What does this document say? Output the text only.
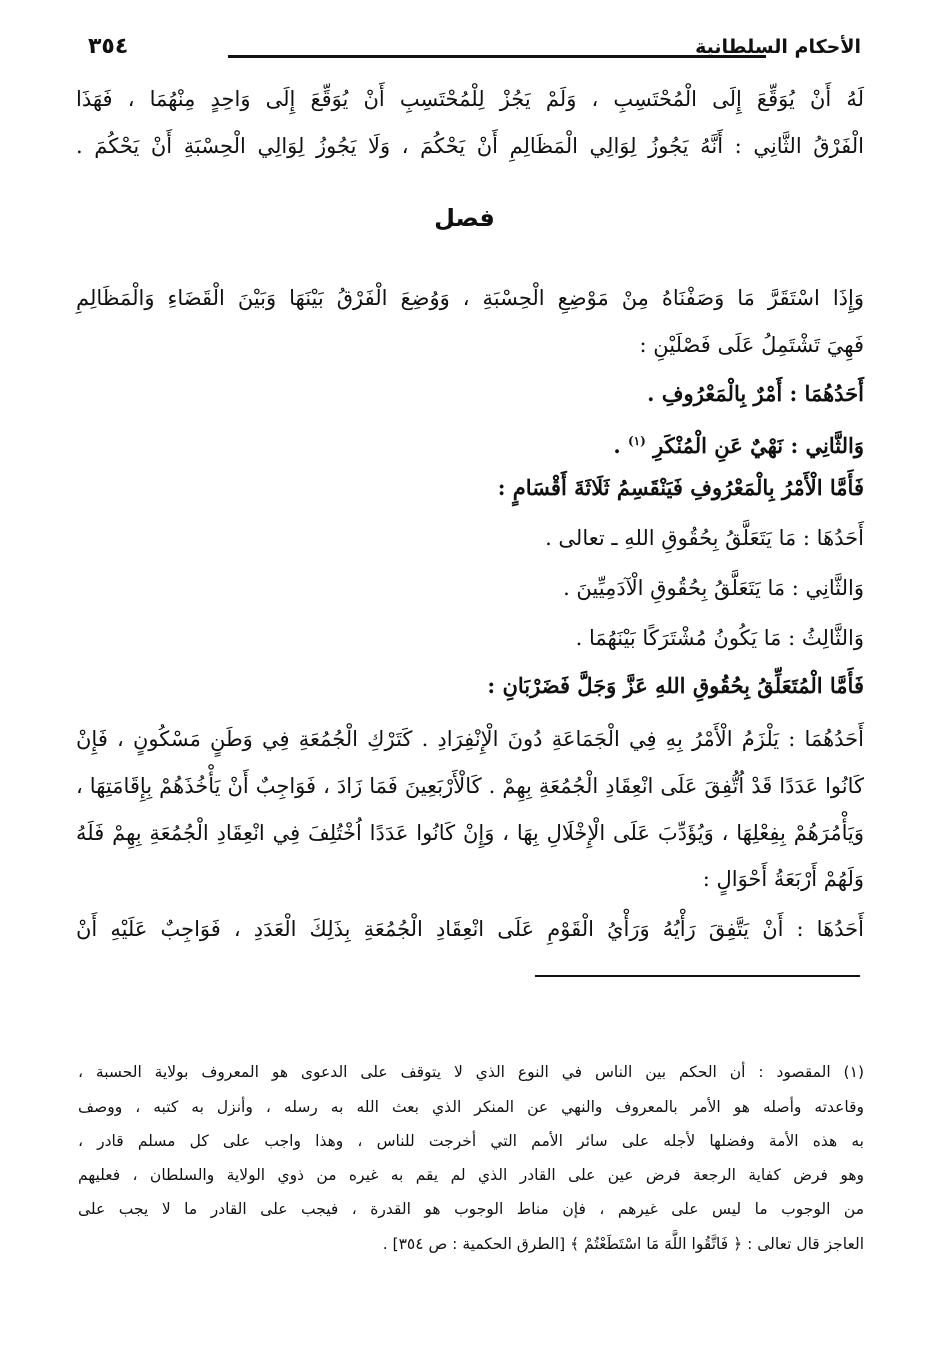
٣٥٤	الأحكام السلطانية
لَهُ أَنْ يُوَقِّعَ إِلَى الْمُحْتَسِبِ ، وَلَمْ يَجُزْ لِلْمُحْتَسِبِ أَنْ يُوَقِّعَ إِلَى وَاحِدٍ مِنْهُمَا ، فَهَذَا
الْفَرْقُ الثَّانِي : أَنَّهُ يَجُوزُ لِوَالِي الْمَظَالِمِ أَنْ يَحْكُمَ ، وَلَا يَجُوزُ لِوَالِي الْحِسْبَةِ أَنْ يَحْكُمَ .
فصل
وَإِذَا اسْتَقَرَّ مَا وَصَفْنَاهُ مِنْ مَوْضِعِ الْحِسْبَةِ ، وَوُضِعَ الْفَرْقُ بَيْنَهَا وَبَيْنَ الْقَضَاءِ وَالْمَظَالِمِ
فَهِيَ تَشْتَمِلُ عَلَى فَصْلَيْنِ :
أَحَدُهُمَا : أَمْرٌ بِالْمَعْرُوفِ .
وَالثَّانِي : نَهْيٌ عَنِ الْمُنْكَرِ $^{(١)}$ .
فَأَمَّا الْأَمْرُ بِالْمَعْرُوفِ فَيَنْقَسِمُ ثَلَاثَةَ أَقْسَامٍ :
أَحَدُهَا : مَا يَتَعَلَّقُ بِحُقُوقِ اللهِ ـ تعالى .
وَالثَّانِي : مَا يَتَعَلَّقُ بِحُقُوقِ الْآدَمِيِّينَ .
وَالثَّالِثُ : مَا يَكُونُ مُشْتَرَكًا بَيْنَهُمَا .
فَأَمَّا الْمُتَعَلِّقُ بِحُقُوقِ اللهِ عَزَّ وَجَلَّ فَضَرْبَانِ :
أَحَدُهُمَا : يَلْزَمُ الْأَمْرُ بِهِ فِي الْجَمَاعَةِ دُونَ الْإِنْفِرَادِ . كَتَرْكِ الْجُمُعَةِ فِي وَطَنٍ مَسْكُونٍ ، فَإِنْ
كَانُوا عَدَدًا قَدْ اُتُّفِقَ عَلَى انْعِقَادِ الْجُمُعَةِ بِهِمْ . كَالْأَرْبَعِينَ فَمَا زَادَ ، فَوَاجِبٌ أَنْ يَأْخُذَهُمْ بِإِقَامَتِهَا ،
وَيَأْمُرَهُمْ بِفِعْلِهَا ، وَيُؤَدِّبَ عَلَى الْإِخْلَالِ بِهَا ، وَإِنْ كَانُوا عَدَدًا اُخْتُلِفَ فِي انْعِقَادِ الْجُمُعَةِ بِهِمْ فَلَهُ
وَلَهُمْ أَرْبَعَةُ أَحْوَالٍ :
أَحَدُهَا : أَنْ يَتَّفِقَ رَأْيُهُ وَرَأْيُ الْقَوْمِ عَلَى انْعِقَادِ الْجُمُعَةِ بِذَلِكَ الْعَدَدِ ، فَوَاجِبٌ عَلَيْهِ أَنْ
(١) المقصود : أن الحكم بين الناس في النوع الذي لا يتوقف على الدعوى هو المعروف بولاية الحسبة ،
وقاعدته وأصله هو الأمر بالمعروف والنهي عن المنكر الذي بعث الله به رسله ، وأنزل به كتبه ، ووصف
به هذه الأمة وفضلها لأجله على سائر الأمم التي أخرجت للناس ، وهذا واجب على كل مسلم قادر ،
وهو فرض كفاية الرجعة فرض عين على القادر الذي لم يقم به غيره من ذوي الولاية والسلطان ، فعليهم
من الوجوب ما ليس على غيرهم ، فإن مناط الوجوب هو القدرة ، فيجب على القادر ما لا يجب على
العاجز قال تعالى : ﴿ فَاتَّقُوا اللَّهَ مَا اسْتَطَعْتُمْ ﴾ [الطرق الحكمية : ص ٣٥٤] .
